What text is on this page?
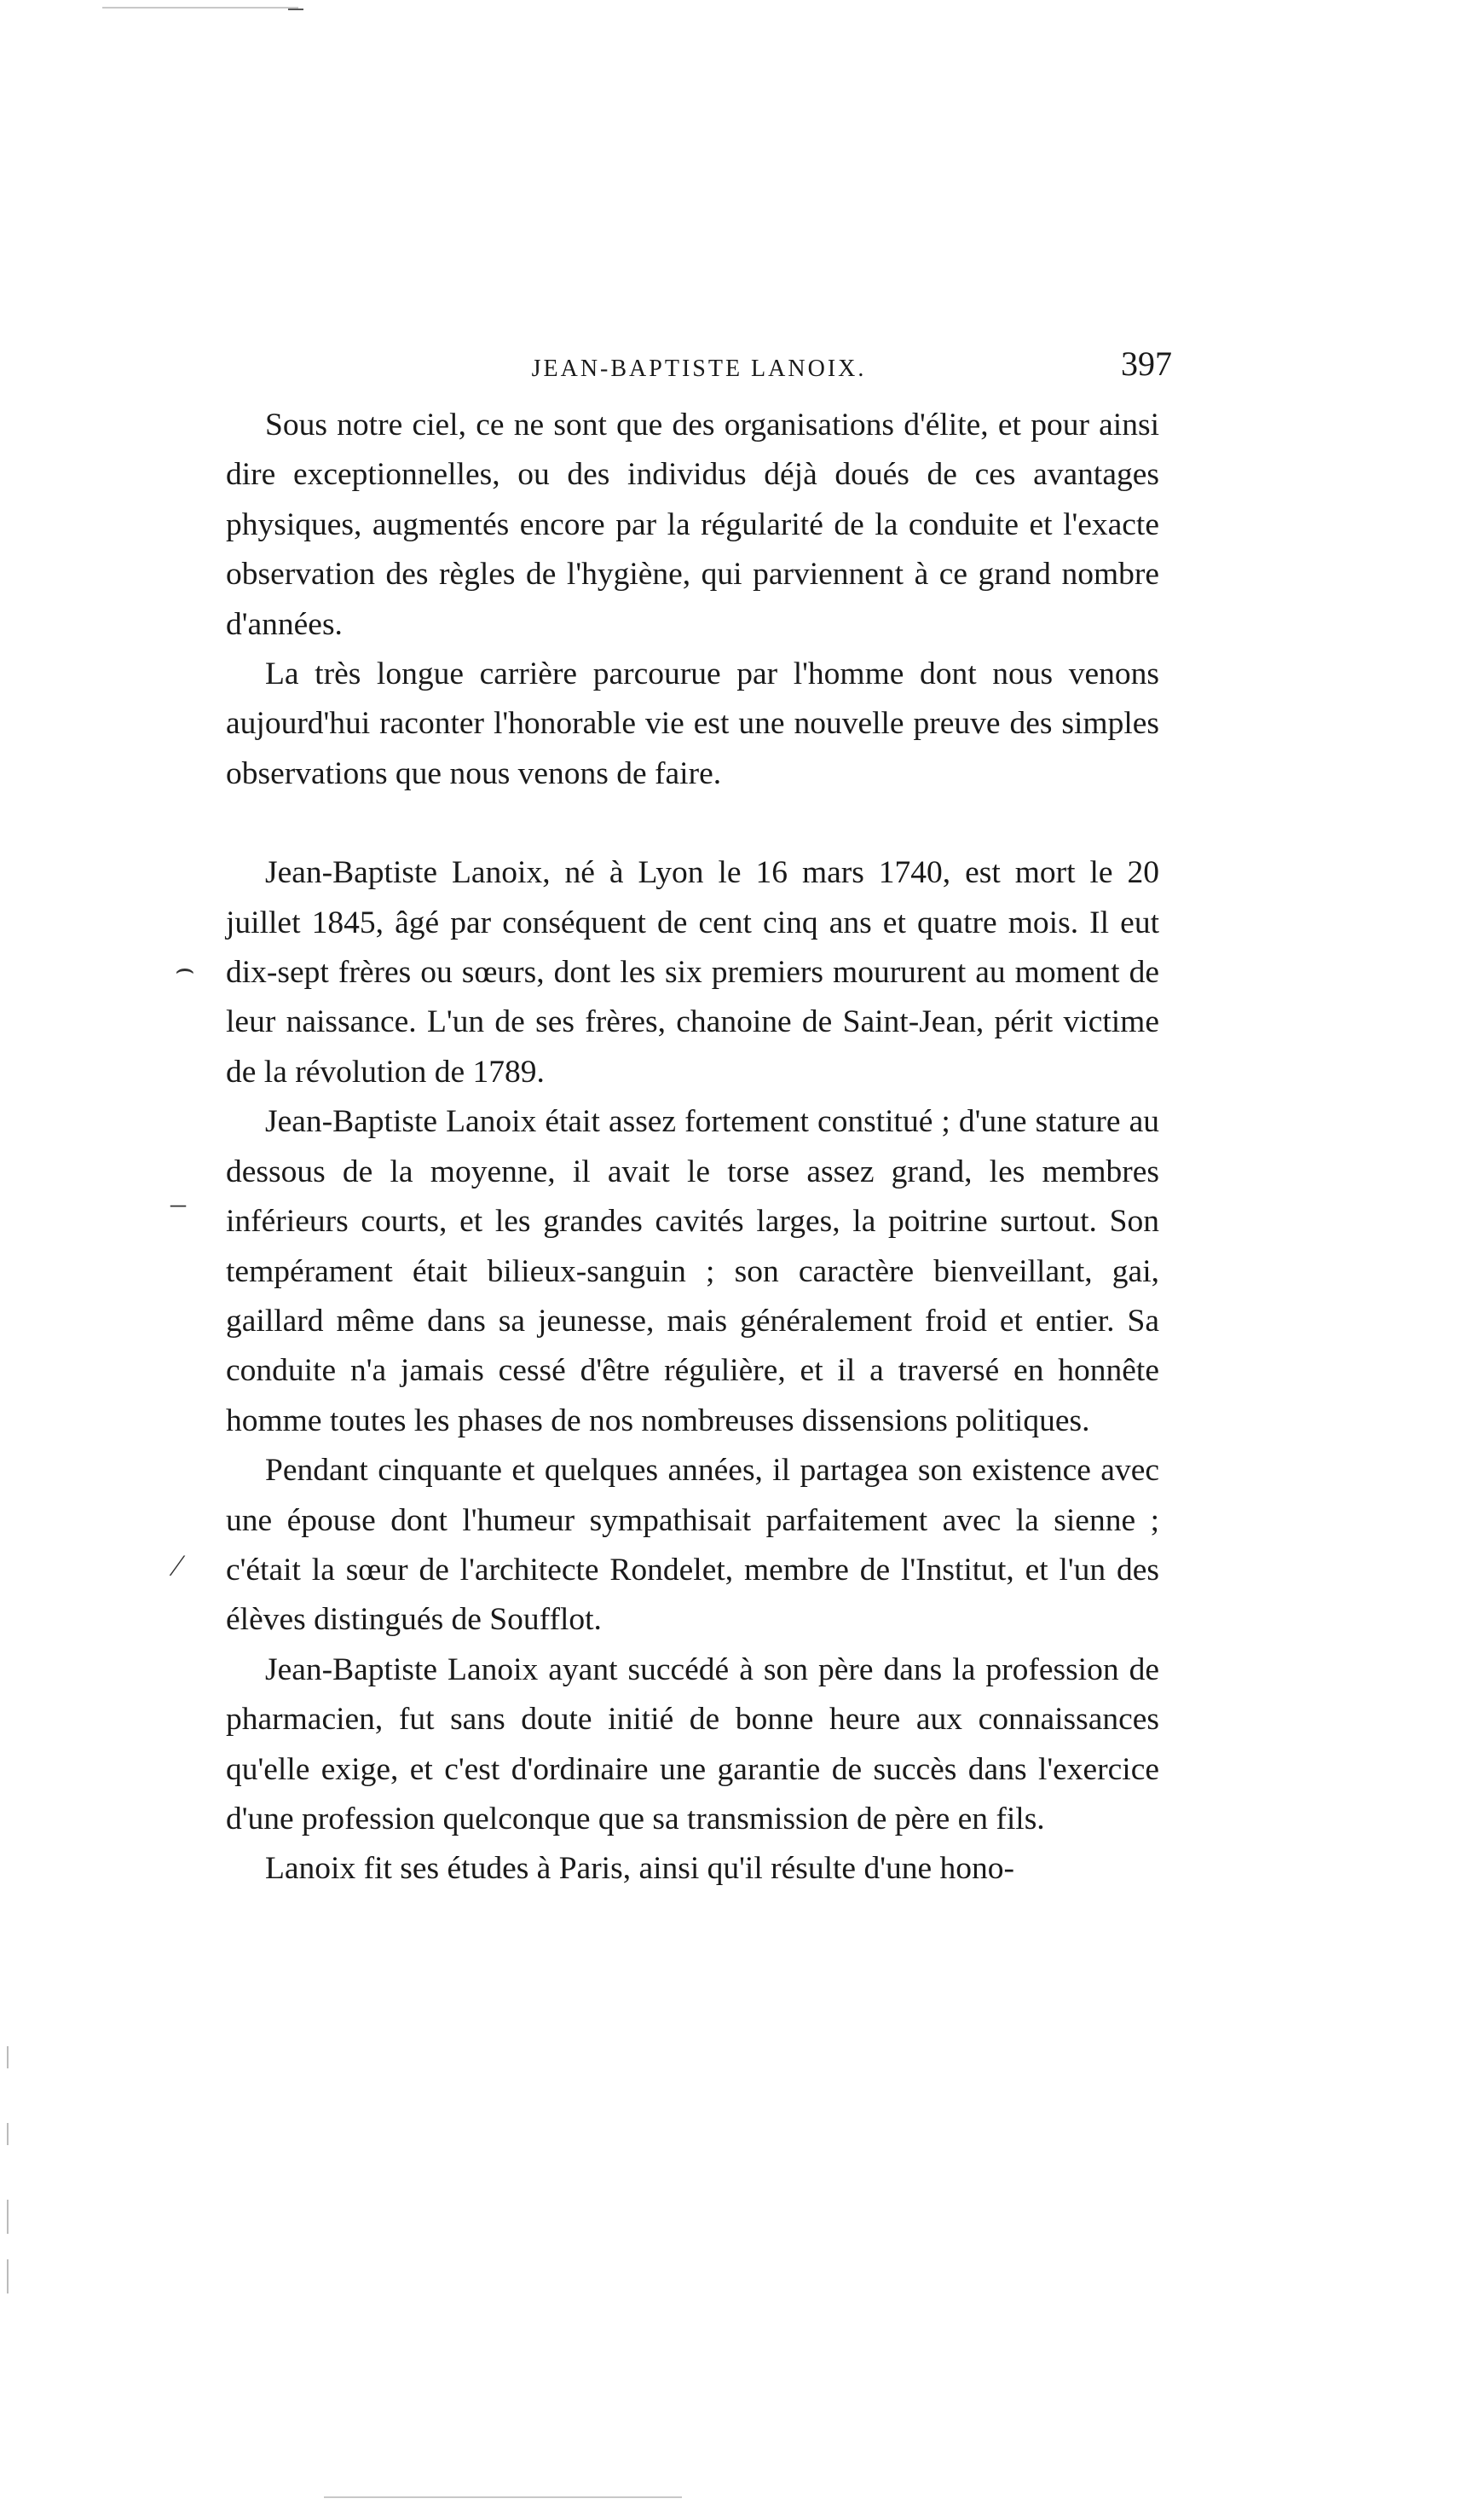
⌢
–
⁄
JEAN-BAPTISTE LANOIX.	397

Sous notre ciel, ce ne sont que des organisations d'élite, et pour ainsi dire exceptionnelles, ou des individus déjà doués de ces avantages physiques, augmentés encore par la régularité de la conduite et l'exacte observation des règles de l'hygiène, qui parviennent à ce grand nombre d'années.

La très longue carrière parcourue par l'homme dont nous venons aujourd'hui raconter l'honorable vie est une nouvelle preuve des simples observations que nous venons de faire.

Jean-Baptiste Lanoix, né à Lyon le 16 mars 1740, est mort le 20 juillet 1845, âgé par conséquent de cent cinq ans et quatre mois. Il eut dix-sept frères ou sœurs, dont les six premiers moururent au moment de leur naissance. L'un de ses frères, chanoine de Saint-Jean, périt victime de la révolution de 1789.

Jean-Baptiste Lanoix était assez fortement constitué ; d'une stature au dessous de la moyenne, il avait le torse assez grand, les membres inférieurs courts, et les grandes cavités larges, la poitrine surtout. Son tempérament était bilieux-sanguin ; son caractère bienveillant, gai, gaillard même dans sa jeunesse, mais généralement froid et entier. Sa conduite n'a jamais cessé d'être régulière, et il a traversé en honnête homme toutes les phases de nos nombreuses dissensions politiques.

Pendant cinquante et quelques années, il partagea son existence avec une épouse dont l'humeur sympathisait parfaitement avec la sienne ; c'était la sœur de l'architecte Rondelet, membre de l'Institut, et l'un des élèves distingués de Soufflot.

Jean-Baptiste Lanoix ayant succédé à son père dans la profession de pharmacien, fut sans doute initié de bonne heure aux connaissances qu'elle exige, et c'est d'ordinaire une garantie de succès dans l'exercice d'une profession quelconque que sa transmission de père en fils.

Lanoix fit ses études à Paris, ainsi qu'il résulte d'une hono-
